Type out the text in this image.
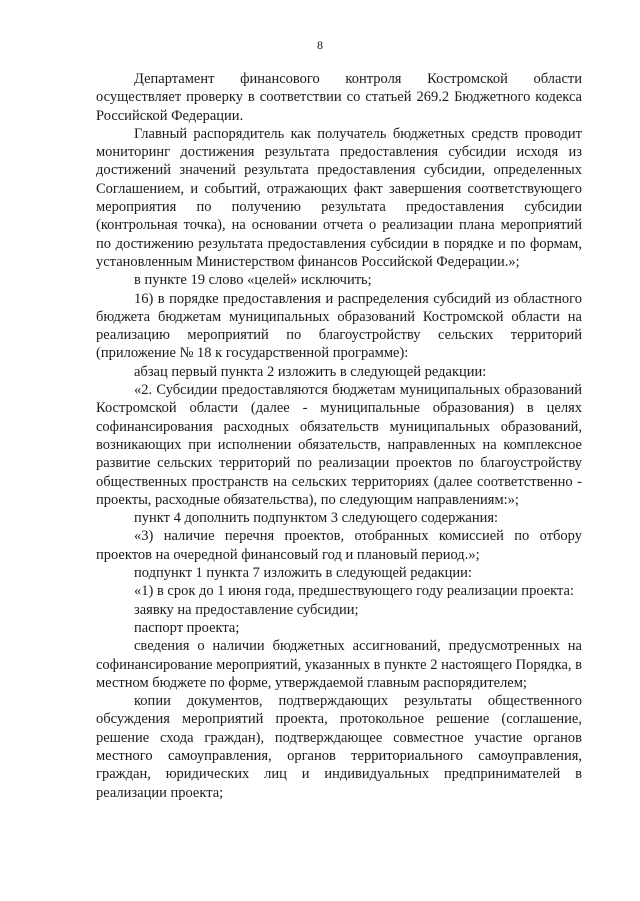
8

Департамент финансового контроля Костромской области осуществляет проверку в соответствии со статьей 269.2 Бюджетного кодекса Российской Федерации.

Главный распорядитель как получатель бюджетных средств проводит мониторинг достижения результата предоставления субсидии исходя из достижений значений результата предоставления субсидии, определенных Соглашением, и событий, отражающих факт завершения соответствующего мероприятия по получению результата предоставления субсидии (контрольная точка), на основании отчета о реализации плана мероприятий по достижению результата предоставления субсидии в порядке и по формам, установленным Министерством финансов Российской Федерации.»;

в пункте 19 слово «целей» исключить;

16) в порядке предоставления и распределения субсидий из областного бюджета бюджетам муниципальных образований Костромской области на реализацию мероприятий по благоустройству сельских территорий (приложение № 18 к государственной программе):

абзац первый пункта 2 изложить в следующей редакции:

«2. Субсидии предоставляются бюджетам муниципальных образований Костромской области (далее - муниципальные образования) в целях софинансирования расходных обязательств муниципальных образований, возникающих при исполнении обязательств, направленных на комплексное развитие сельских территорий по реализации проектов по благоустройству общественных пространств на сельских территориях (далее соответственно - проекты, расходные обязательства), по следующим направлениям:»;

пункт 4 дополнить подпунктом 3 следующего содержания:

«3) наличие перечня проектов, отобранных комиссией по отбору проектов на очередной финансовый год и плановый период.»;

подпункт 1 пункта 7 изложить в следующей редакции:

«1) в срок до 1 июня года, предшествующего году реализации проекта:

заявку на предоставление субсидии;

паспорт проекта;

сведения о наличии бюджетных ассигнований, предусмотренных на софинансирование мероприятий, указанных в пункте 2 настоящего Порядка, в местном бюджете по форме, утверждаемой главным распорядителем;

копии документов, подтверждающих результаты общественного обсуждения мероприятий проекта, протокольное решение (соглашение, решение схода граждан), подтверждающее совместное участие органов местного самоуправления, органов территориального самоуправления, граждан, юридических лиц и индивидуальных предпринимателей в реализации проекта;
